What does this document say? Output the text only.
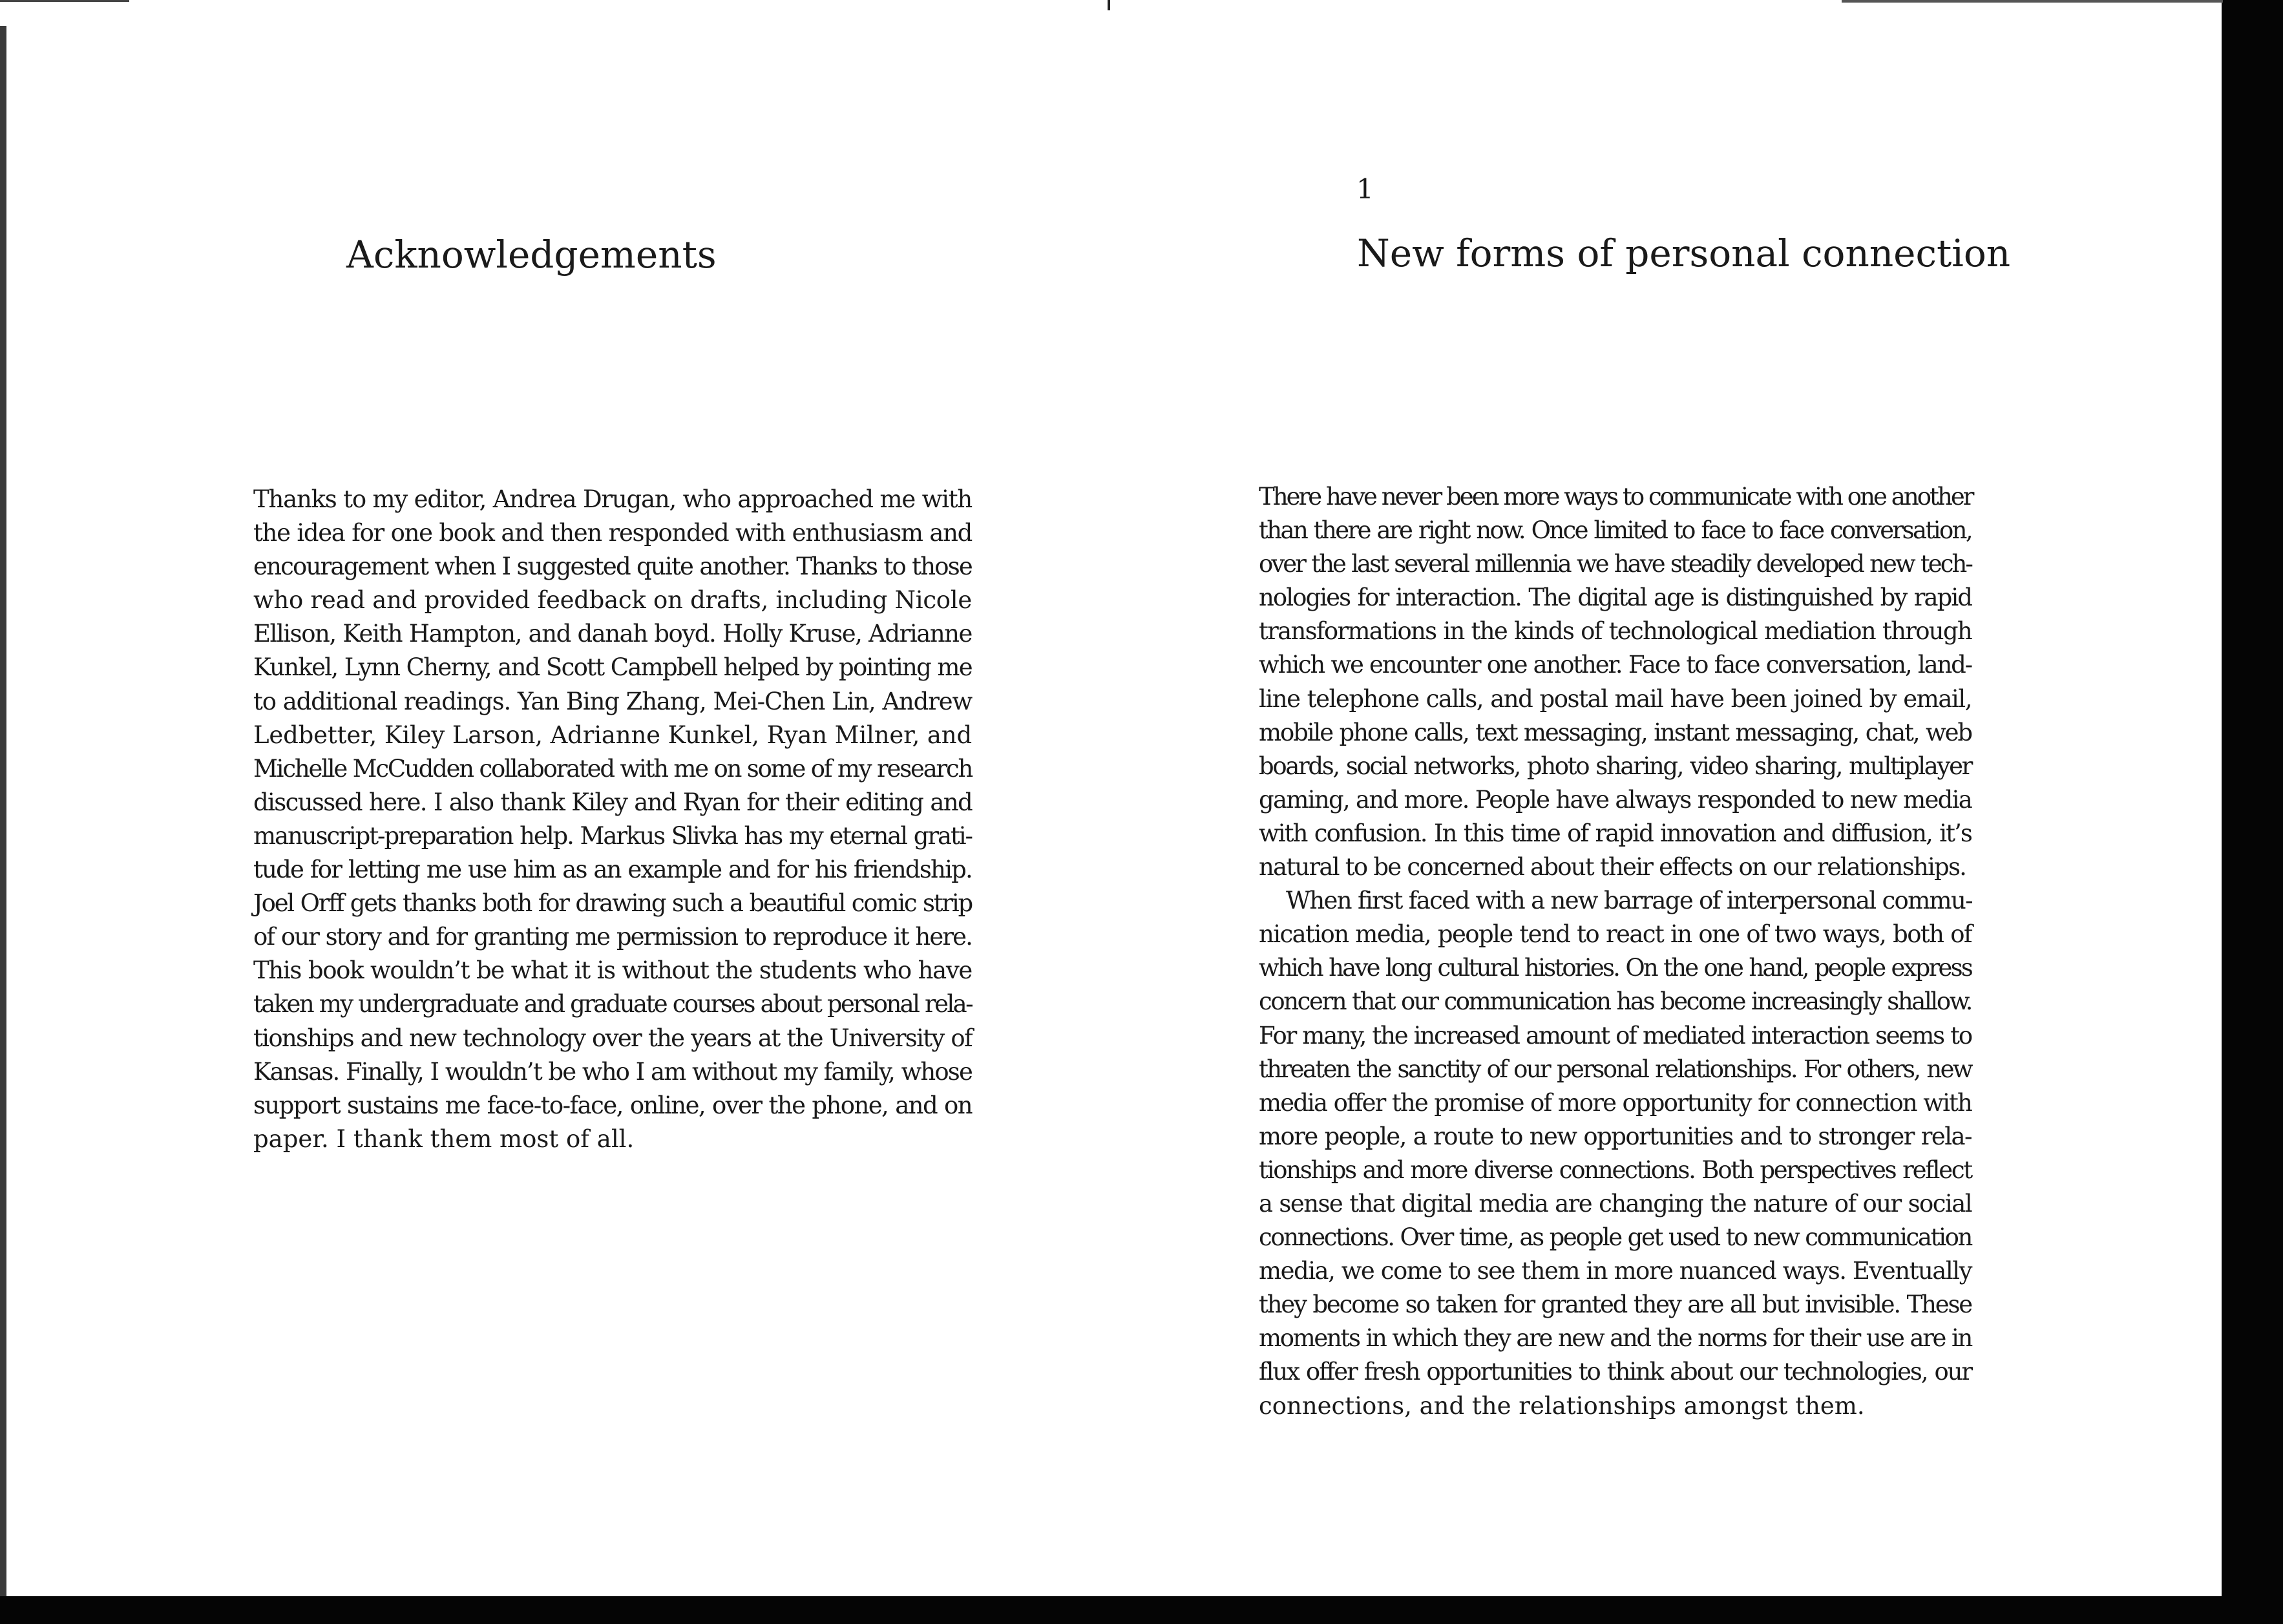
Acknowledgements
Thanks to my editor, Andrea Drugan, who approached me with
the idea for one book and then responded with enthusiasm and
encouragement when I suggested quite another. Thanks to those
who read and provided feedback on drafts, including Nicole
Ellison, Keith Hampton, and danah boyd. Holly Kruse, Adrianne
Kunkel, Lynn Cherny, and Scott Campbell helped by pointing me
to additional readings. Yan Bing Zhang, Mei-Chen Lin, Andrew
Ledbetter, Kiley Larson, Adrianne Kunkel, Ryan Milner, and
Michelle McCudden collaborated with me on some of my research
discussed here. I also thank Kiley and Ryan for their editing and
manuscript-preparation help. Markus Slivka has my eternal grati-
tude for letting me use him as an example and for his friendship.
Joel Orff gets thanks both for drawing such a beautiful comic strip
of our story and for granting me permission to reproduce it here.
This book wouldn’t be what it is without the students who have
taken my undergraduate and graduate courses about personal rela-
tionships and new technology over the years at the University of
Kansas. Finally, I wouldn’t be who I am without my family, whose
support sustains me face-to-face, online, over the phone, and on
paper. I thank them most of all.
1
New forms of personal connection
There have never been more ways to communicate with one another
than there are right now. Once limited to face to face conversation,
over the last several millennia we have steadily developed new tech-
nologies for interaction. The digital age is distinguished by rapid
transformations in the kinds of technological mediation through
which we encounter one another. Face to face conversation, land-
line telephone calls, and postal mail have been joined by email,
mobile phone calls, text messaging, instant messaging, chat, web
boards, social networks, photo sharing, video sharing, multiplayer
gaming, and more. People have always responded to new media
with confusion. In this time of rapid innovation and diffusion, it’s
natural to be concerned about their effects on our relationships.
When first faced with a new barrage of interpersonal commu-
nication media, people tend to react in one of two ways, both of
which have long cultural histories. On the one hand, people express
concern that our communication has become increasingly shallow.
For many, the increased amount of mediated interaction seems to
threaten the sanctity of our personal relationships. For others, new
media offer the promise of more opportunity for connection with
more people, a route to new opportunities and to stronger rela-
tionships and more diverse connections. Both perspectives reflect
a sense that digital media are changing the nature of our social
connections. Over time, as people get used to new communication
media, we come to see them in more nuanced ways. Eventually
they become so taken for granted they are all but invisible. These
moments in which they are new and the norms for their use are in
flux offer fresh opportunities to think about our technologies, our
connections, and the relationships amongst them.
